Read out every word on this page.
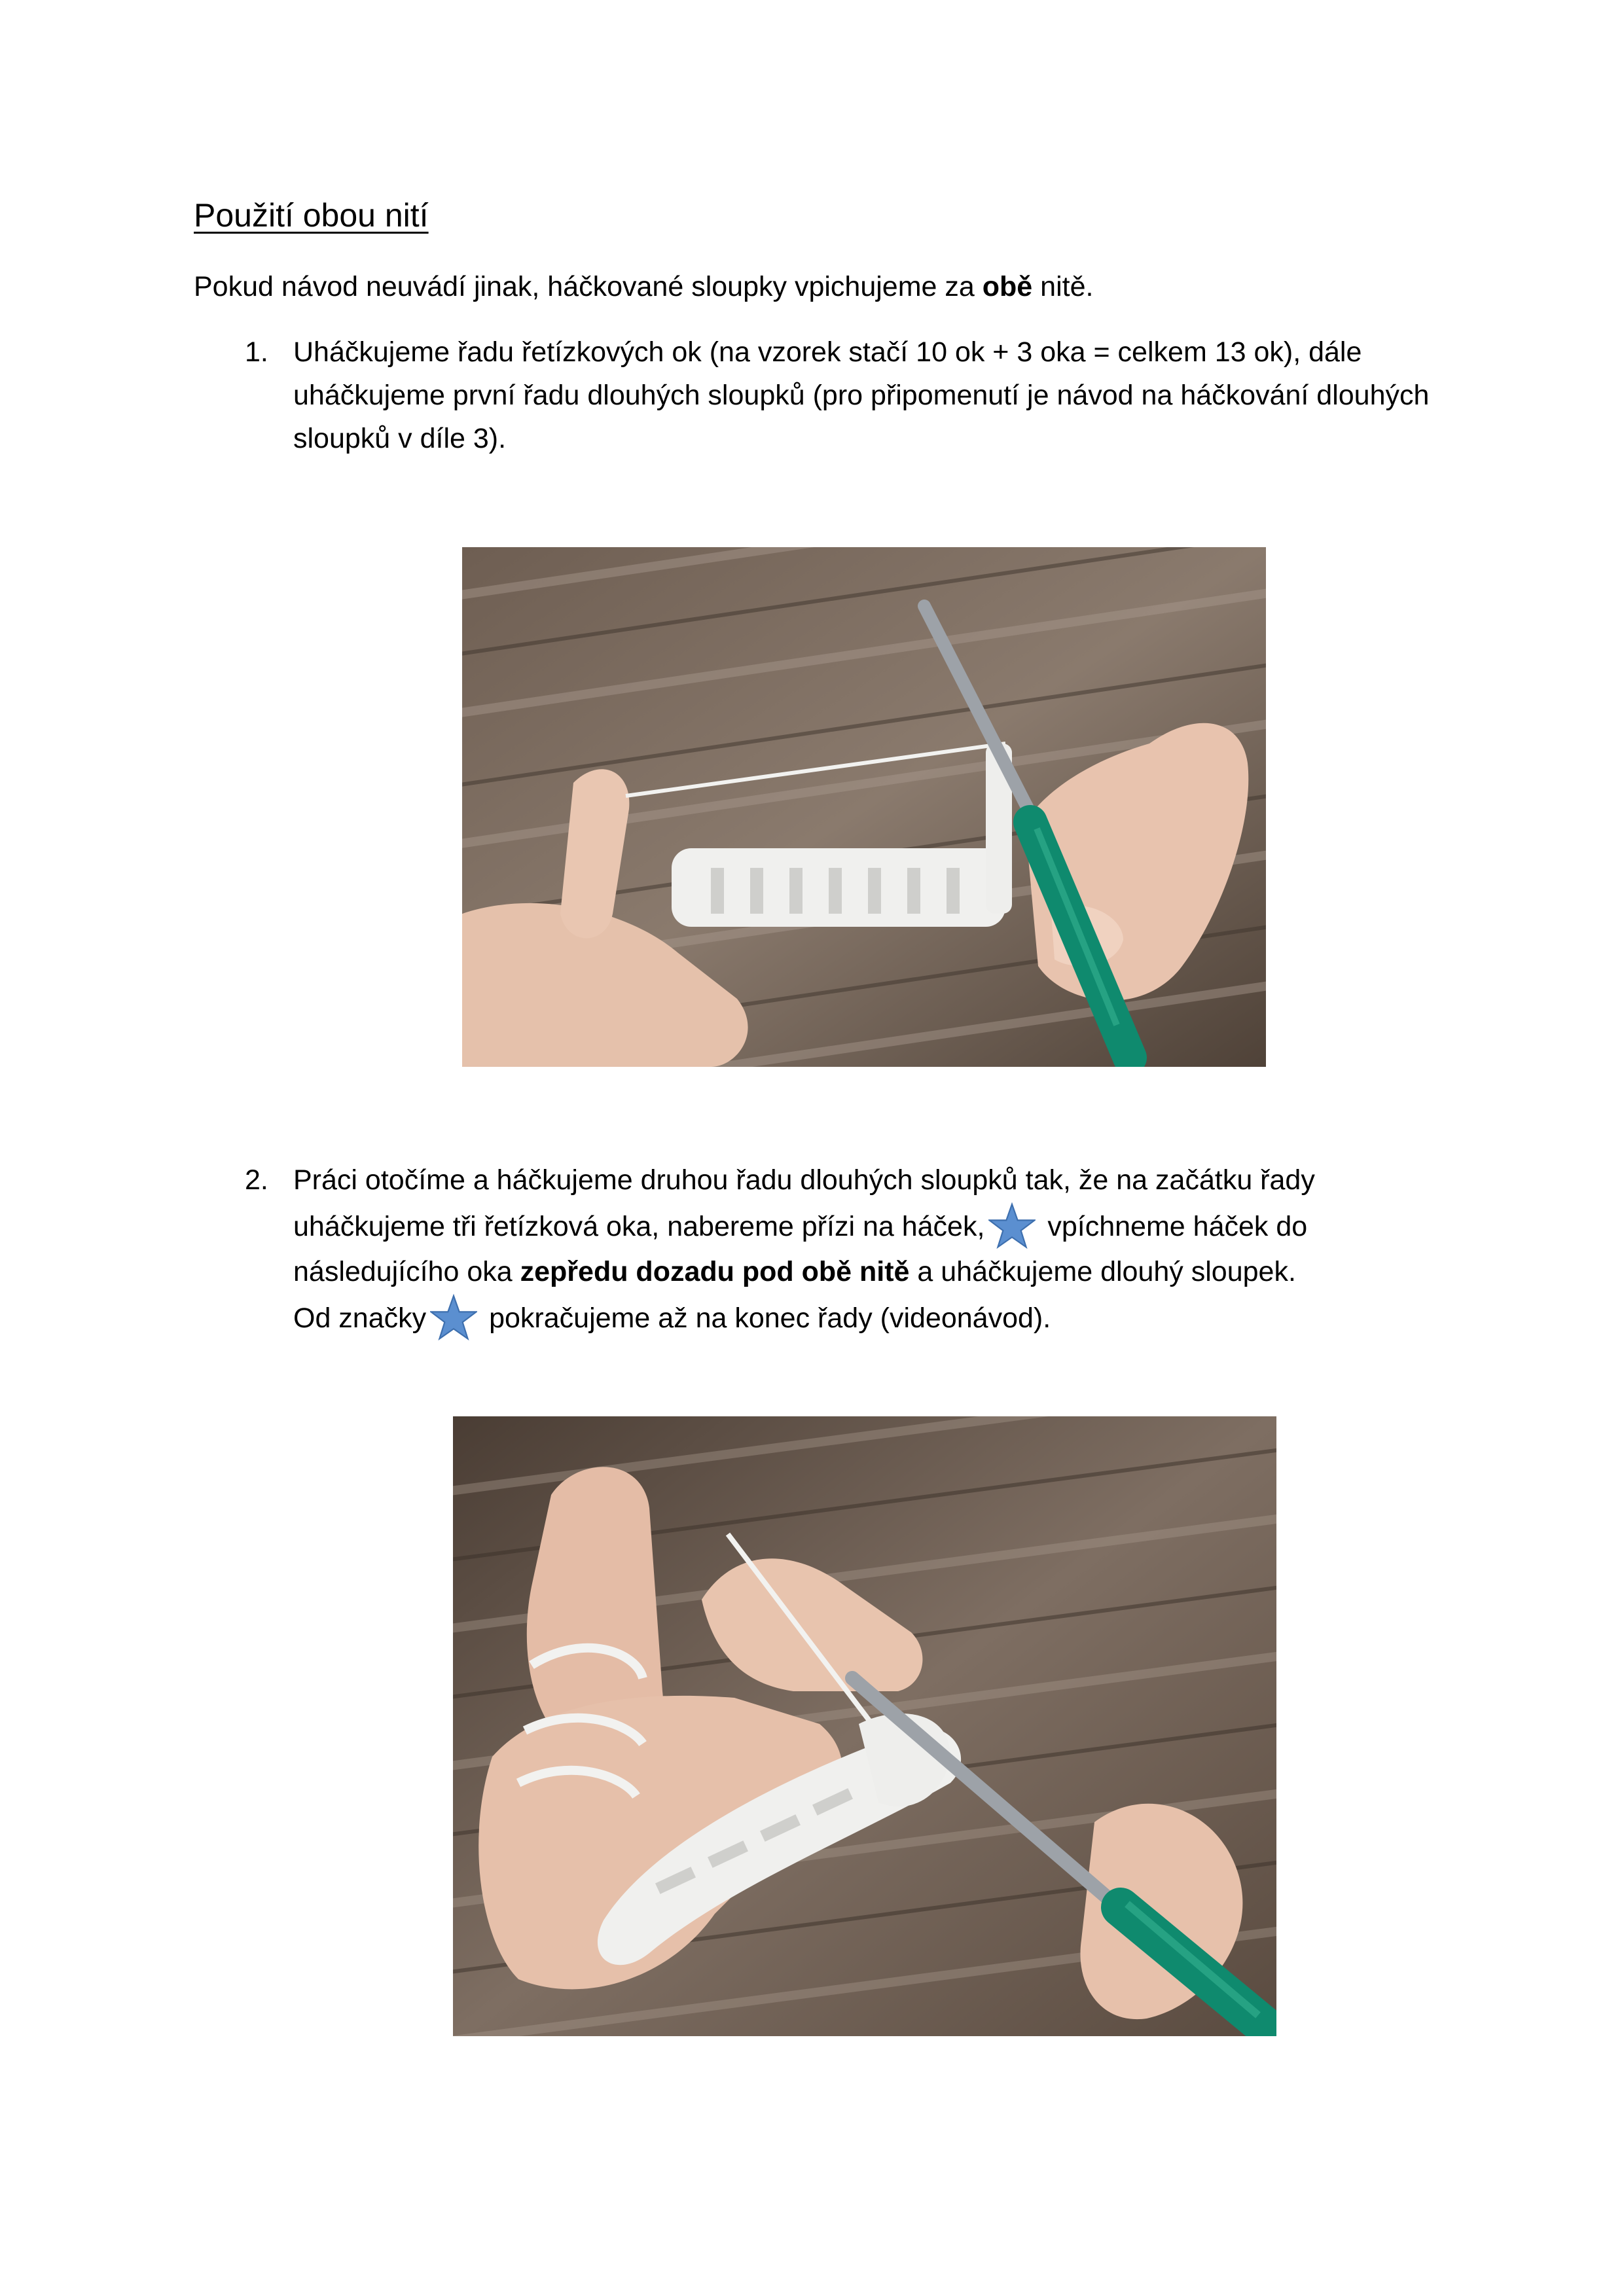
Použití obou nití

Pokud návod neuvádí jinak, háčkované sloupky vpichujeme za obě nitě.

1. Uháčkujeme řadu řetízkových ok (na vzorek stačí 10 ok + 3 oka = celkem 13 ok), dále uháčkujeme první řadu dlouhých sloupků (pro připomenutí je návod na háčkování dlouhých sloupků v díle 3).
2. Práci otočíme a háčkujeme druhou řadu dlouhých sloupků tak, že na začátku řady uháčkujeme tři řetízková oka, nabereme přízi na háček, vpíchneme háček do následujícího oka zepředu dozadu pod obě nitě a uháčkujeme dlouhý sloupek.
Od značky pokračujeme až na konec řady (videonávod).
